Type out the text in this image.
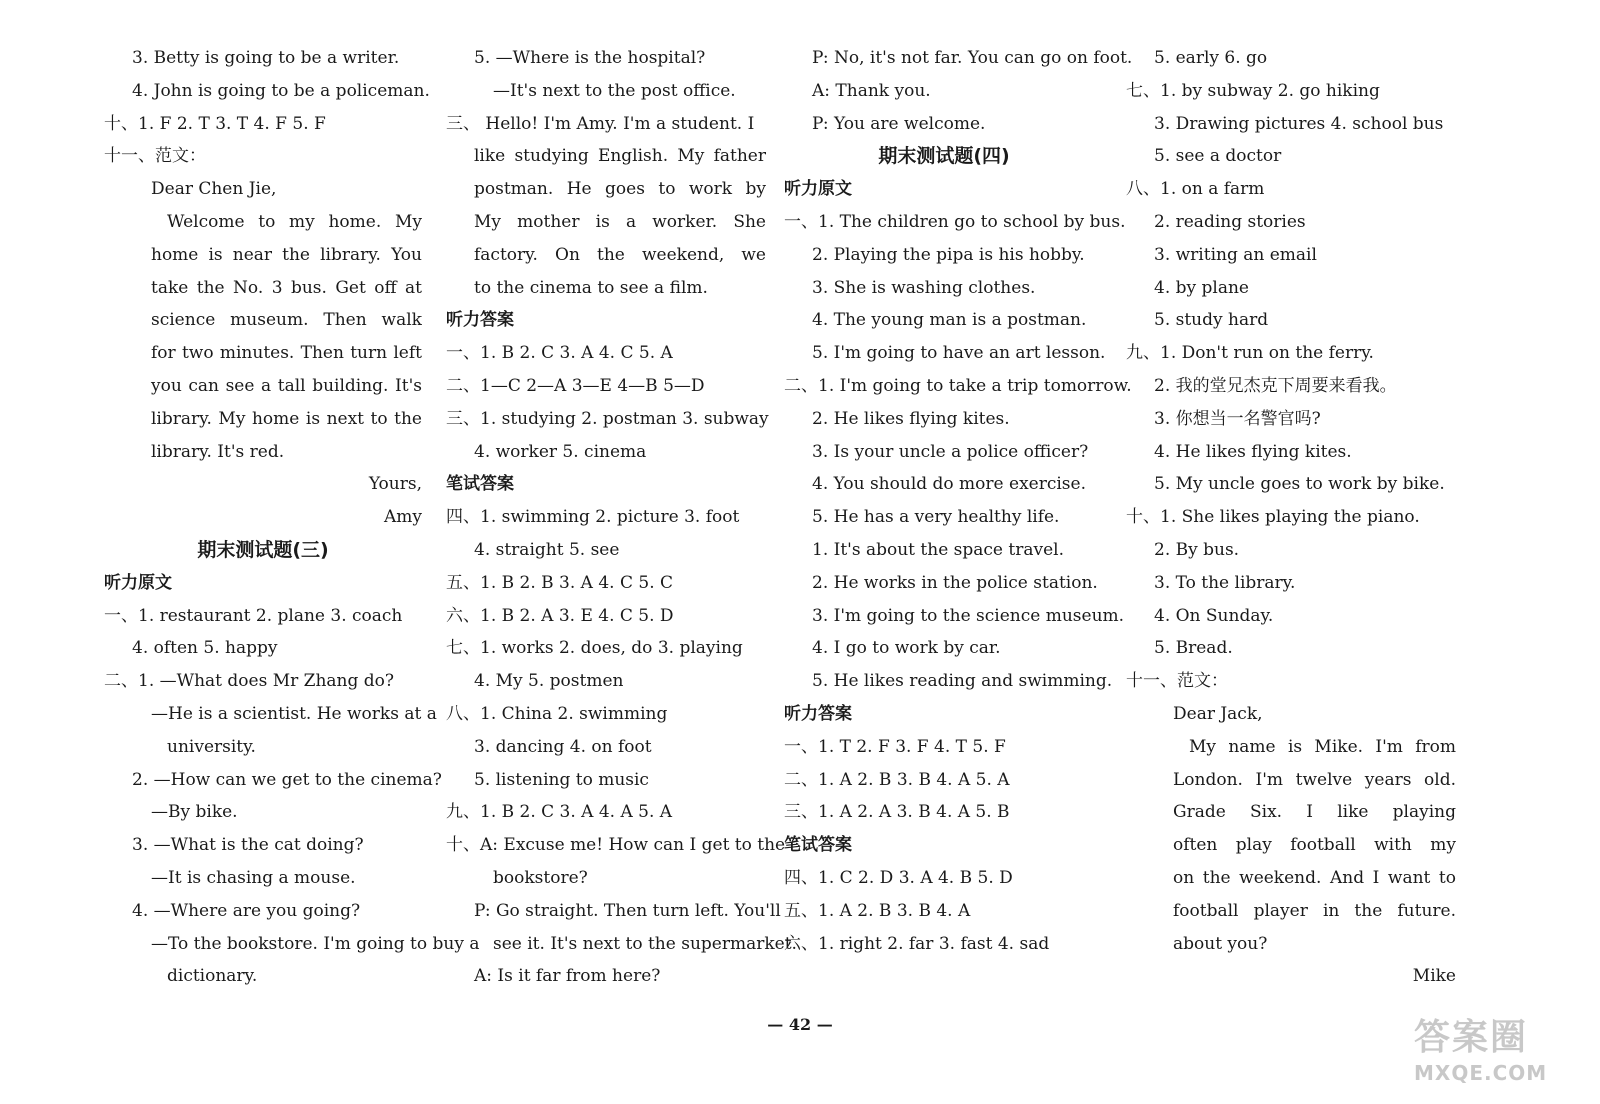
3. Betty is going to be a writer.
4. John is going to be a policeman.
十、1. F 2. T 3. T 4. F 5. F
十一、范文：
Dear Chen Jie,
Welcome to my home. My
home is near the library. You
take the No. 3 bus. Get off at
science museum. Then walk
for two minutes. Then turn left
you can see a tall building. It's
library. My home is next to the
library. It's red.
Yours,
Amy
期末测试题(三)
听力原文
一、1. restaurant 2. plane 3. coach
4. often 5. happy
二、1. —What does Mr Zhang do?
—He is a scientist. He works at a
university.
2. —How can we get to the cinema?
—By bike.
3. —What is the cat doing?
—It is chasing a mouse.
4. —Where are you going?
—To the bookstore. I'm going to buy a
dictionary.
5. —Where is the hospital?
—It's next to the post office.
三、 Hello! I'm Amy. I'm a student. I
like studying English. My father
postman. He goes to work by
My mother is a worker. She
factory. On the weekend, we
to the cinema to see a film.
听力答案
一、1. B 2. C 3. A 4. C 5. A
二、1—C 2—A 3—E 4—B 5—D
三、1. studying 2. postman 3. subway
4. worker 5. cinema
笔试答案
四、1. swimming 2. picture 3. foot
4. straight 5. see
五、1. B 2. B 3. A 4. C 5. C
六、1. B 2. A 3. E 4. C 5. D
七、1. works 2. does, do 3. playing
4. My 5. postmen
八、1. China 2. swimming
3. dancing 4. on foot
5. listening to music
九、1. B 2. C 3. A 4. A 5. A
十、A: Excuse me! How can I get to the
bookstore?
P: Go straight. Then turn left. You'll
see it. It's next to the supermarket.
A: Is it far from here?
P: No, it's not far. You can go on foot.
A: Thank you.
P: You are welcome.
期末测试题(四)
听力原文
一、1. The children go to school by bus.
2. Playing the pipa is his hobby.
3. She is washing clothes.
4. The young man is a postman.
5. I'm going to have an art lesson.
二、1. I'm going to take a trip tomorrow.
2. He likes flying kites.
3. Is your uncle a police officer?
4. You should do more exercise.
5. He has a very healthy life.
1. It's about the space travel.
2. He works in the police station.
3. I'm going to the science museum.
4. I go to work by car.
5. He likes reading and swimming.
听力答案
一、1. T 2. F 3. F 4. T 5. F
二、1. A 2. B 3. B 4. A 5. A
三、1. A 2. A 3. B 4. A 5. B
笔试答案
四、1. C 2. D 3. A 4. B 5. D
五、1. A 2. B 3. B 4. A
六、1. right 2. far 3. fast 4. sad
5. early 6. go
七、1. by subway 2. go hiking
3. Drawing pictures 4. school bus
5. see a doctor
八、1. on a farm
2. reading stories
3. writing an email
4. by plane
5. study hard
九、1. Don't run on the ferry.
2. 我的堂兄杰克下周要来看我。
3. 你想当一名警官吗?
4. He likes flying kites.
5. My uncle goes to work by bike.
十、1. She likes playing the piano.
2. By bus.
3. To the library.
4. On Sunday.
5. Bread.
十一、范文：
Dear Jack,
My name is Mike. I'm from
London. I'm twelve years old.
Grade Six. I like playing
often play football with my
on the weekend. And I want to
football player in the future.
about you?
Mike
— 42 —	答案圈
MXQE.COM
